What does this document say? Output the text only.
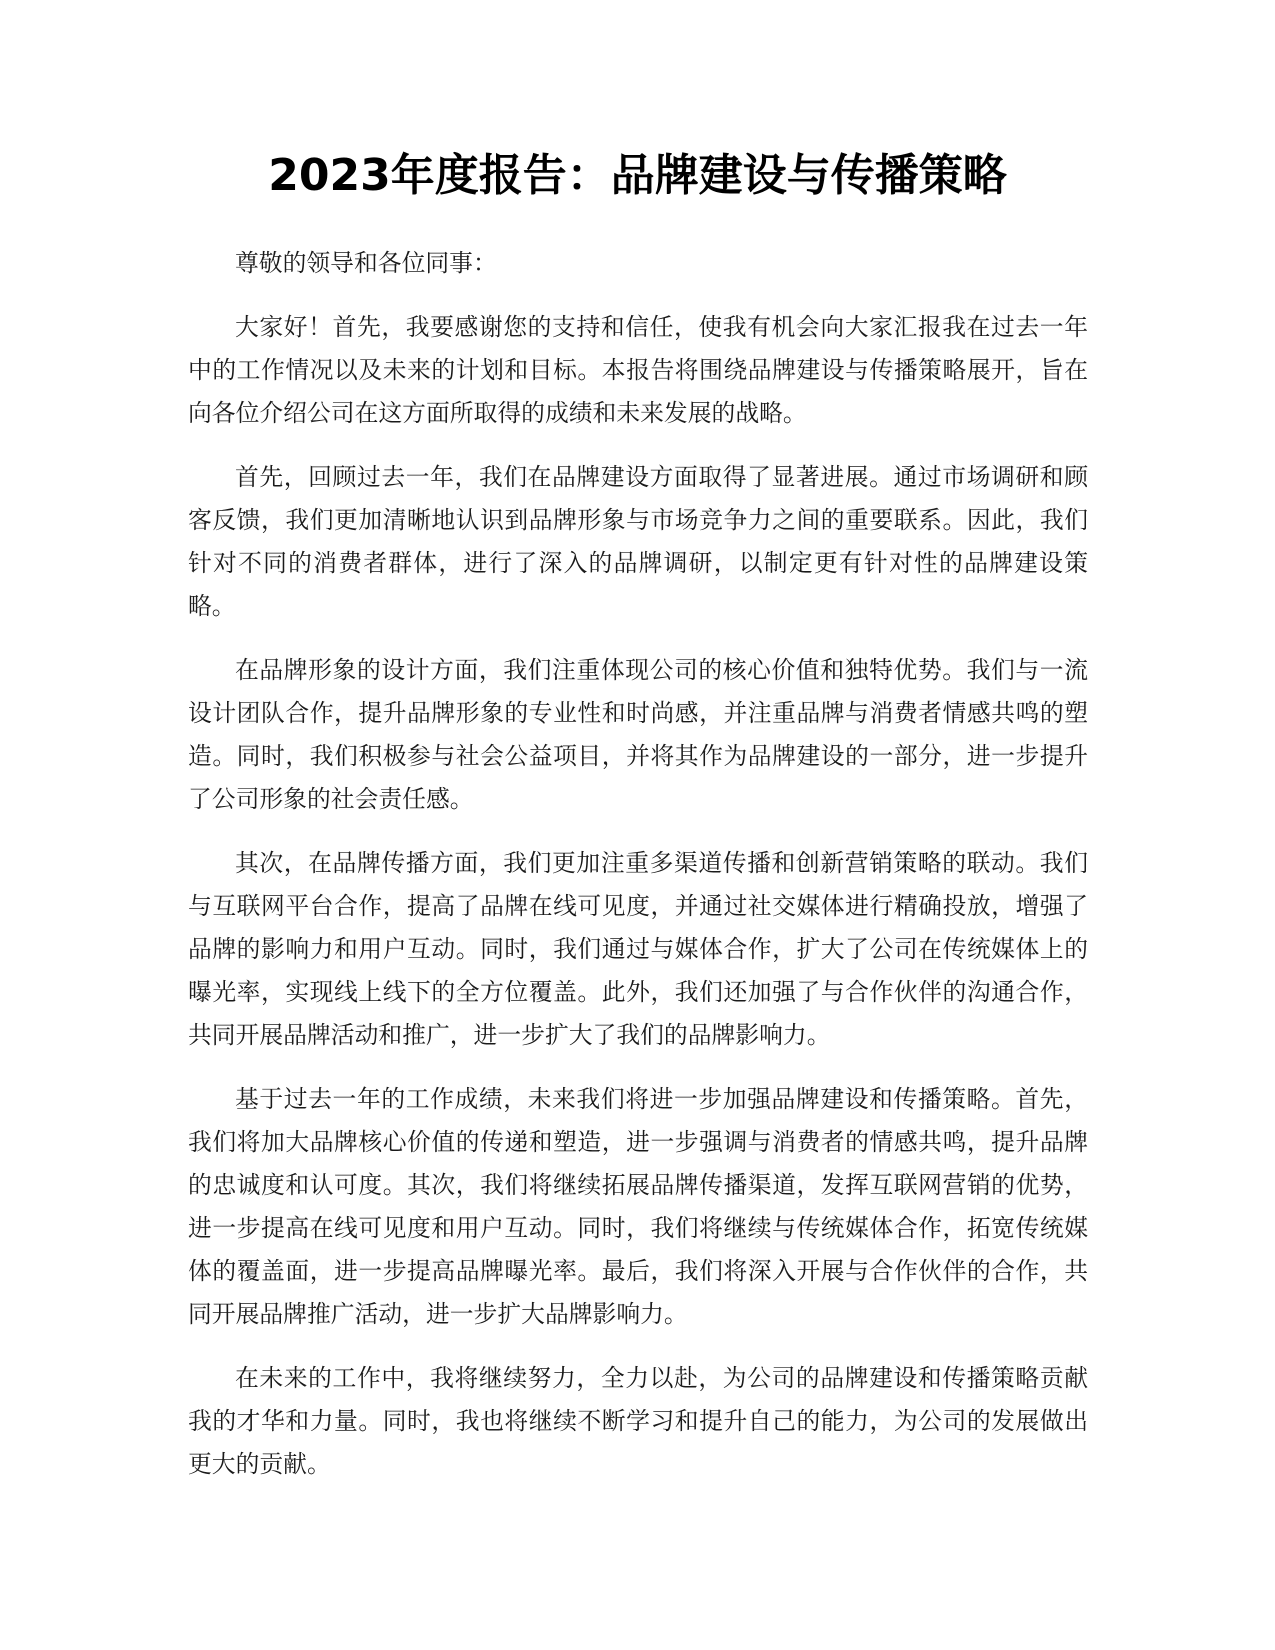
2023年度报告：品牌建设与传播策略

尊敬的领导和各位同事：

大家好！首先，我要感谢您的支持和信任，使我有机会向大家汇报我在过去一年中的工作情况以及未来的计划和目标。本报告将围绕品牌建设与传播策略展开，旨在向各位介绍公司在这方面所取得的成绩和未来发展的战略。

首先，回顾过去一年，我们在品牌建设方面取得了显著进展。通过市场调研和顾客反馈，我们更加清晰地认识到品牌形象与市场竞争力之间的重要联系。因此，我们针对不同的消费者群体，进行了深入的品牌调研，以制定更有针对性的品牌建设策略。

在品牌形象的设计方面，我们注重体现公司的核心价值和独特优势。我们与一流设计团队合作，提升品牌形象的专业性和时尚感，并注重品牌与消费者情感共鸣的塑造。同时，我们积极参与社会公益项目，并将其作为品牌建设的一部分，进一步提升了公司形象的社会责任感。

其次，在品牌传播方面，我们更加注重多渠道传播和创新营销策略的联动。我们与互联网平台合作，提高了品牌在线可见度，并通过社交媒体进行精确投放，增强了品牌的影响力和用户互动。同时，我们通过与媒体合作，扩大了公司在传统媒体上的曝光率，实现线上线下的全方位覆盖。此外，我们还加强了与合作伙伴的沟通合作，共同开展品牌活动和推广，进一步扩大了我们的品牌影响力。

基于过去一年的工作成绩，未来我们将进一步加强品牌建设和传播策略。首先，我们将加大品牌核心价值的传递和塑造，进一步强调与消费者的情感共鸣，提升品牌的忠诚度和认可度。其次，我们将继续拓展品牌传播渠道，发挥互联网营销的优势，进一步提高在线可见度和用户互动。同时，我们将继续与传统媒体合作，拓宽传统媒体的覆盖面，进一步提高品牌曝光率。最后，我们将深入开展与合作伙伴的合作，共同开展品牌推广活动，进一步扩大品牌影响力。

在未来的工作中，我将继续努力，全力以赴，为公司的品牌建设和传播策略贡献我的才华和力量。同时，我也将继续不断学习和提升自己的能力，为公司的发展做出更大的贡献。
